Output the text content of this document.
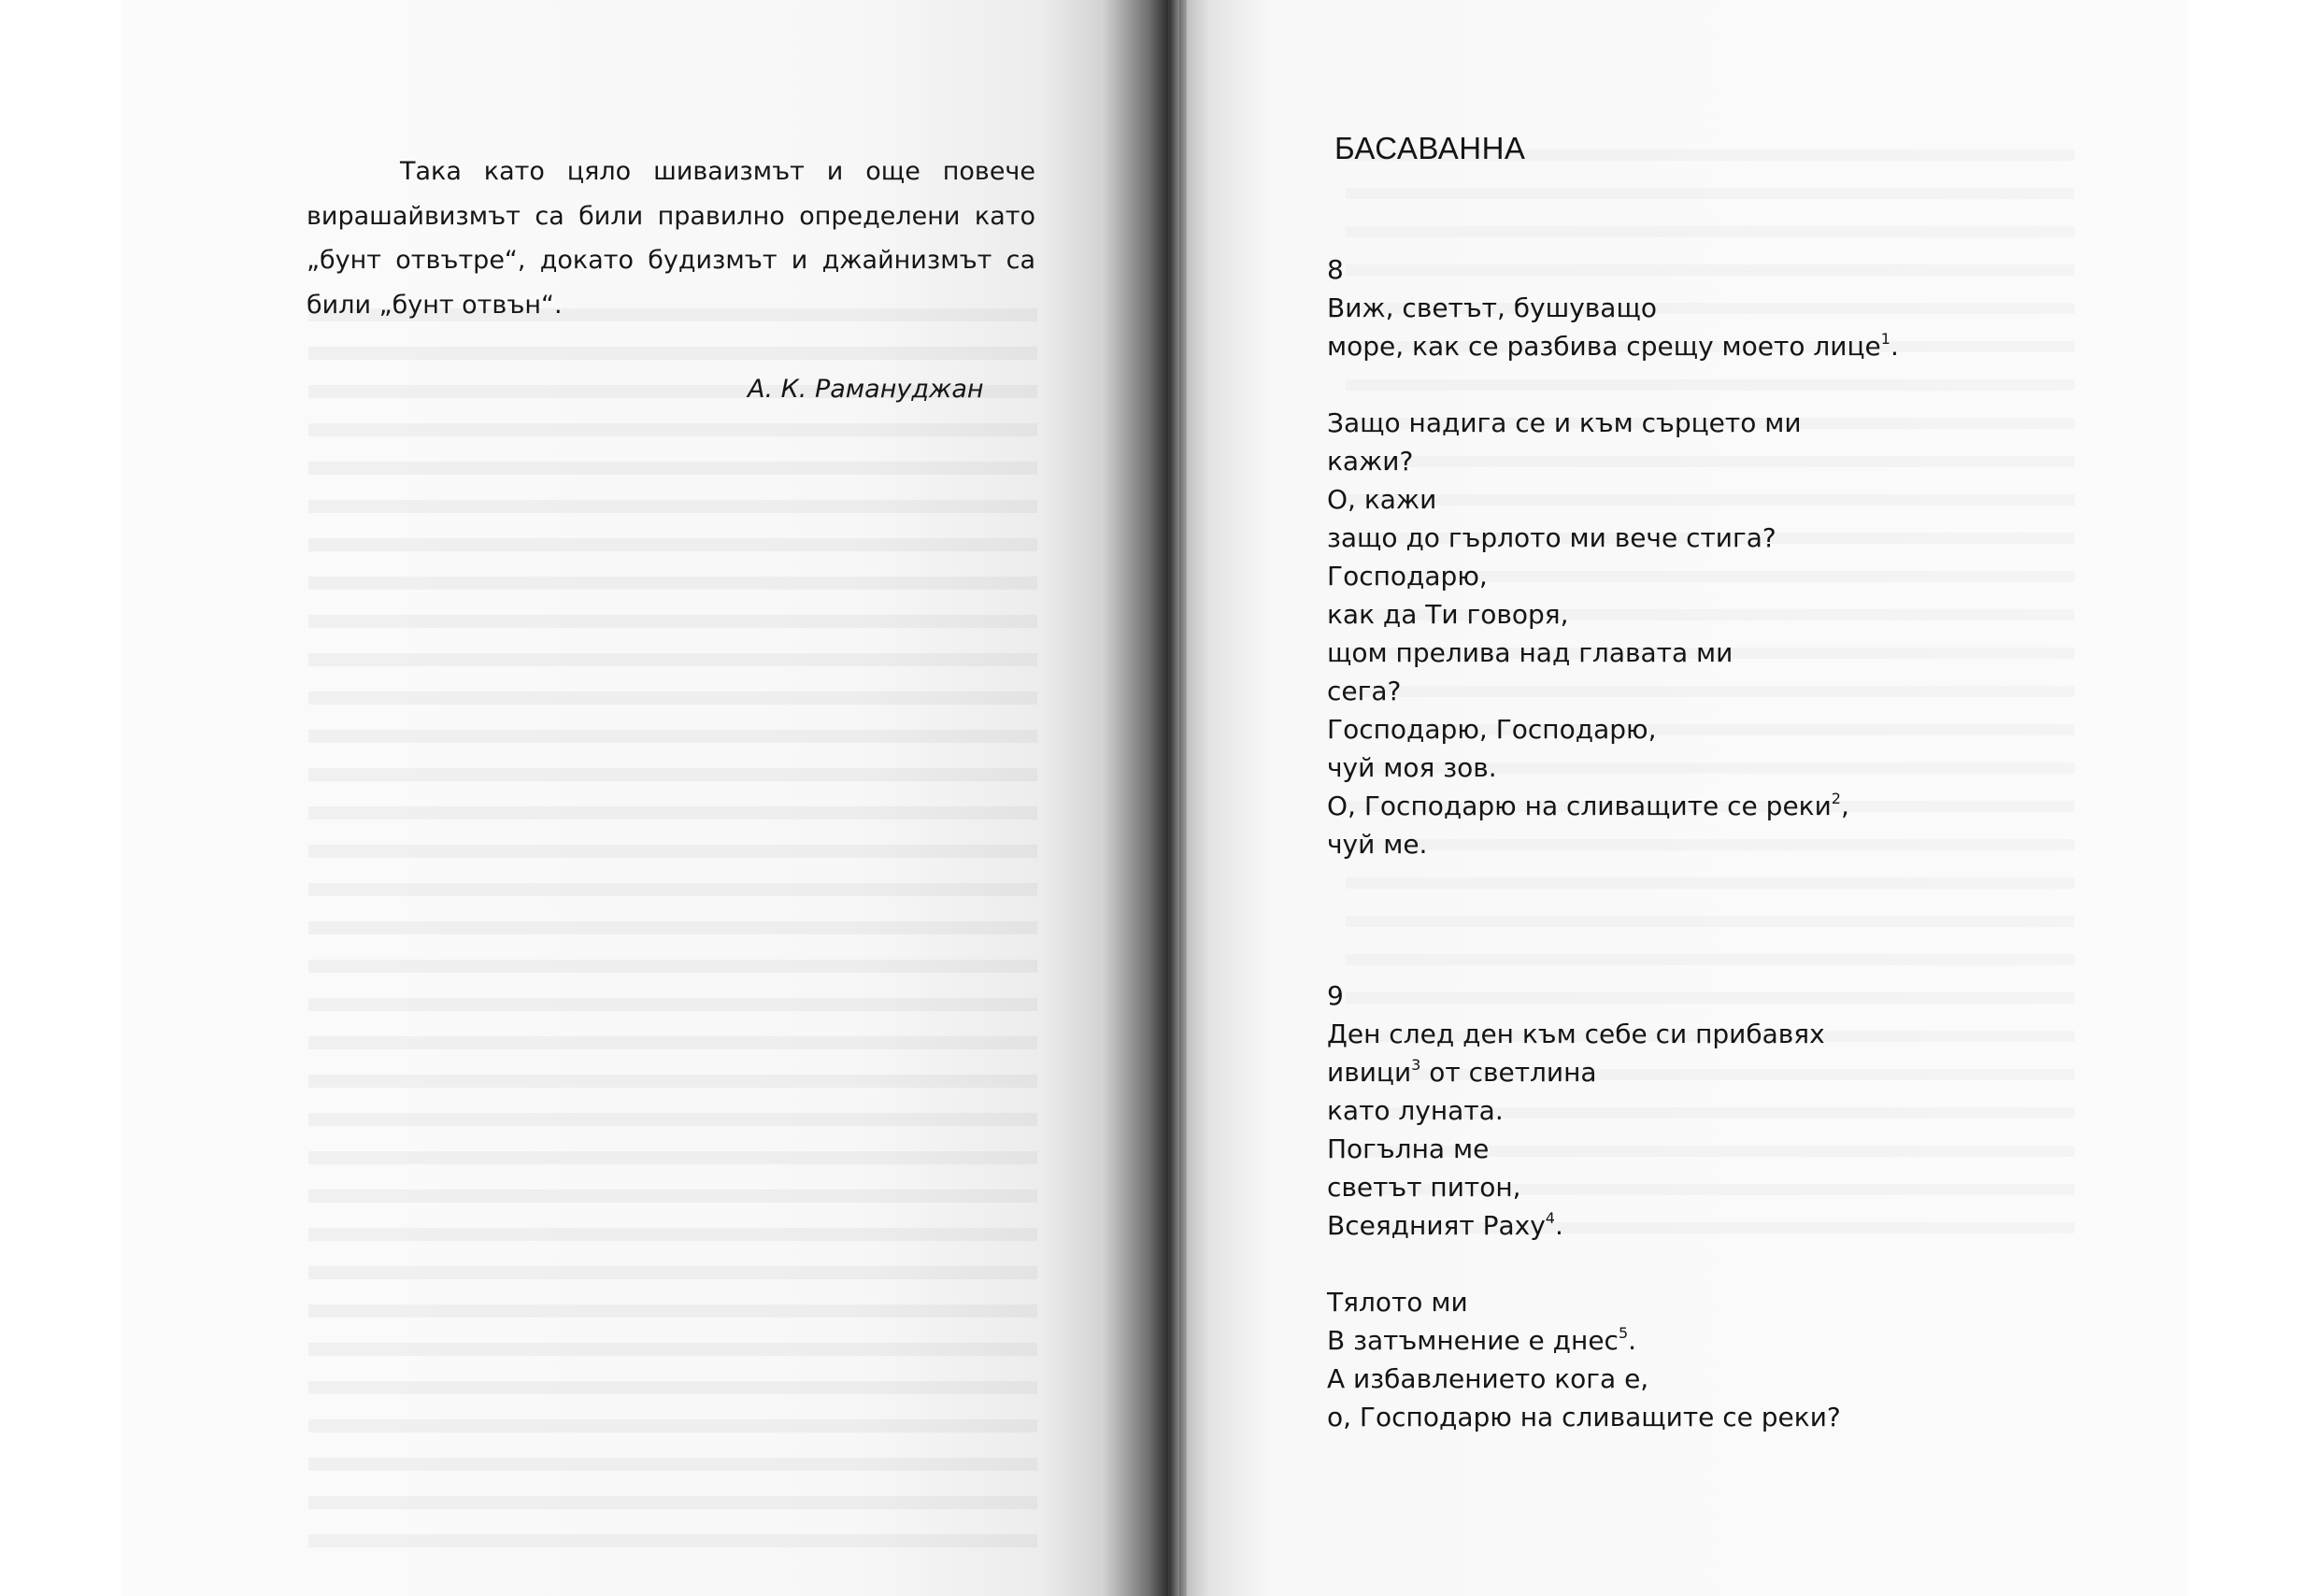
Така като цяло шиваизмът и още повече вирашайвизмът са били правилно определени като „бунт отвътре“, докато будизмът и джайнизмът са били „бунт отвън“.

А. К. Рамануджан
БАСАВАННА
8
Виж, светът, бушуващо
море, как се разбива срещу моето лице$^1$.
Защо надига се и към сърцето ми
кажи?
О, кажи
защо до гърлото ми вече стига?
Господарю,
как да Ти говоря,
щом прелива над главата ми
сега?
Господарю, Господарю,
чуй моя зов.
О, Господарю на сливащите се реки$^2$,
чуй ме.
9
Ден след ден към себе си прибавях
ивици$^3$ от светлина
като луната.
Погълна ме
светът питон,
Всеядният Раху$^4$.
Тялото ми
В затъмнение е днес$^5$.
А избавлението кога е,
о, Господарю на сливащите се реки?
